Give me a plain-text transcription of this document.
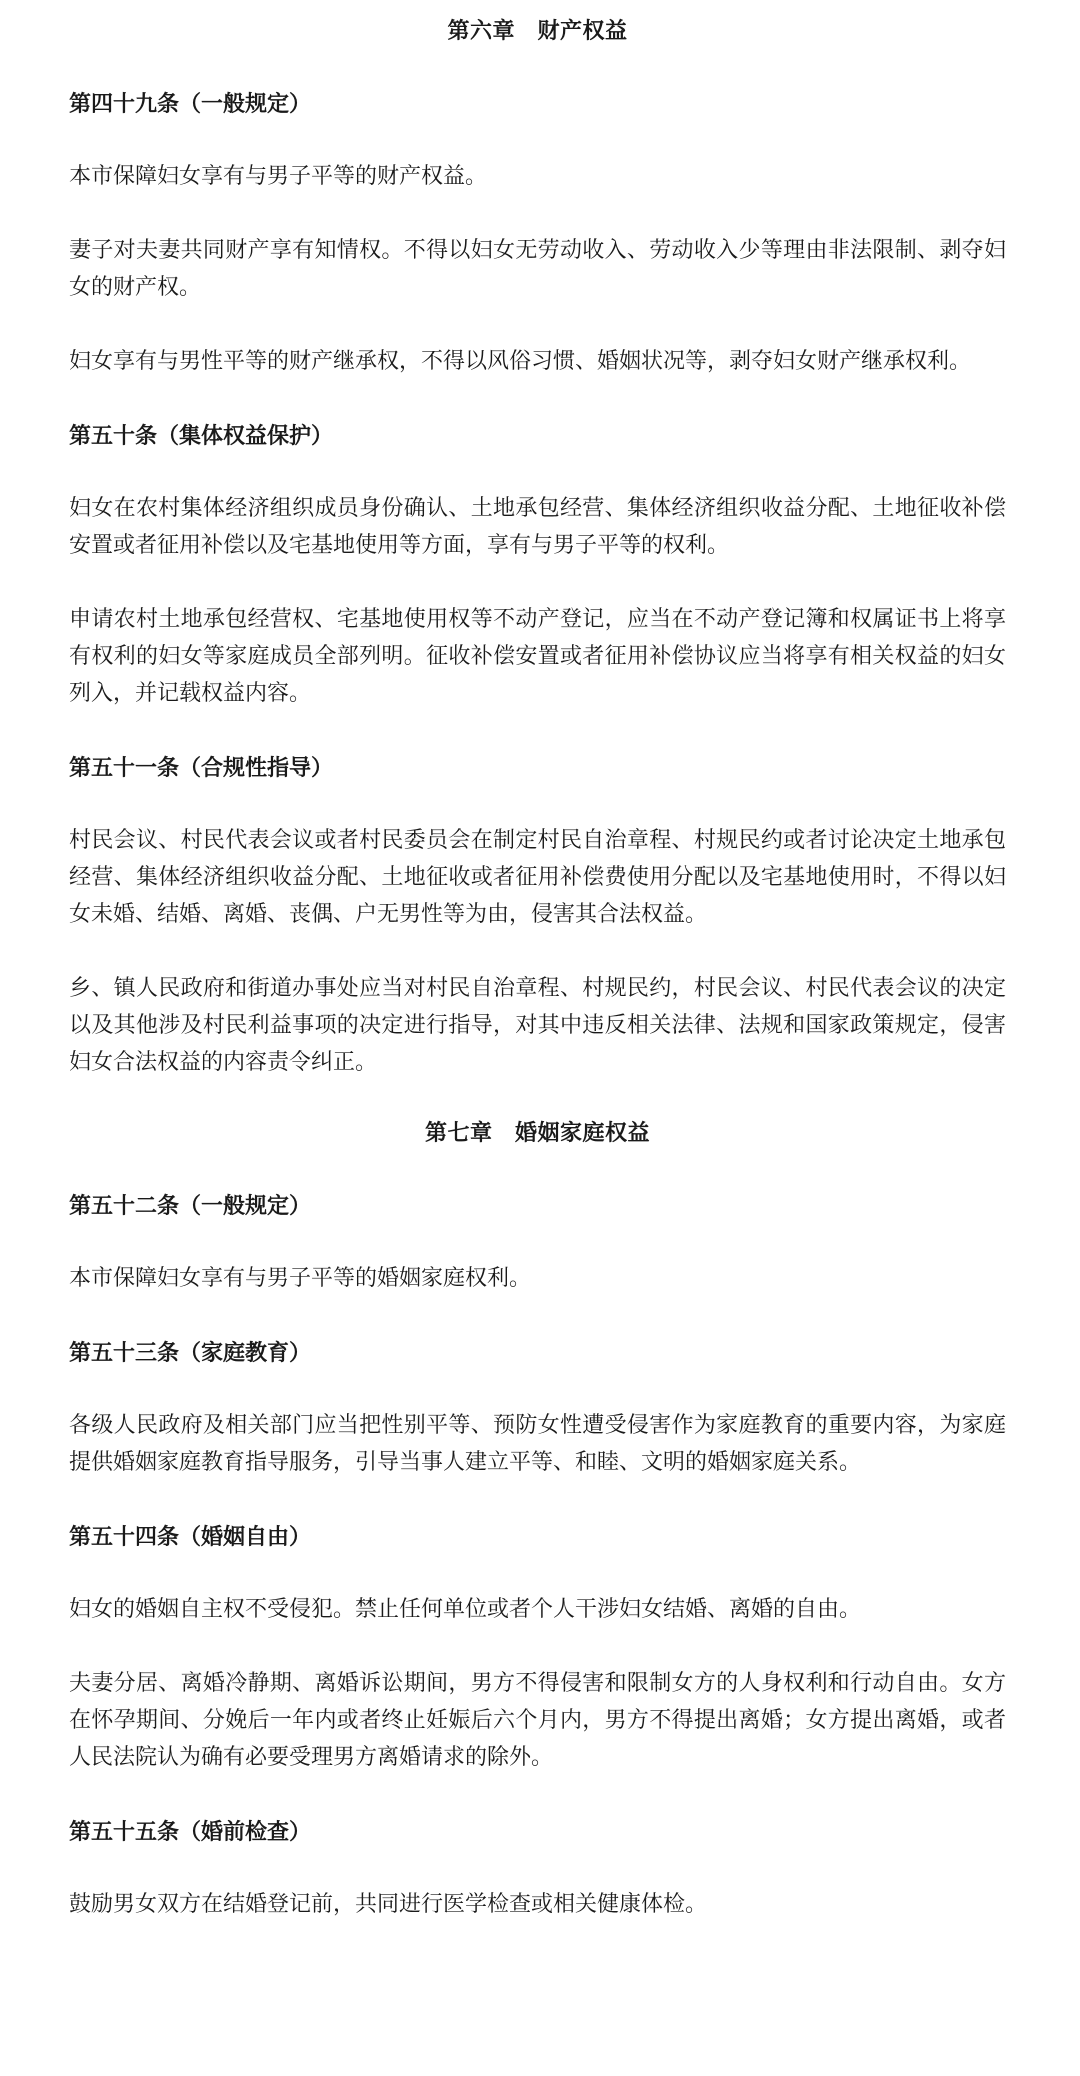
第六章　财产权益
第四十九条（一般规定）

本市保障妇女享有与男子平等的财产权益。

妻子对夫妻共同财产享有知情权。不得以妇女无劳动收入、劳动收入少等理由非法限制、剥夺妇女的财产权。

妇女享有与男性平等的财产继承权，不得以风俗习惯、婚姻状况等，剥夺妇女财产继承权利。

第五十条（集体权益保护）

妇女在农村集体经济组织成员身份确认、土地承包经营、集体经济组织收益分配、土地征收补偿安置或者征用补偿以及宅基地使用等方面，享有与男子平等的权利。

申请农村土地承包经营权、宅基地使用权等不动产登记，应当在不动产登记簿和权属证书上将享有权利的妇女等家庭成员全部列明。征收补偿安置或者征用补偿协议应当将享有相关权益的妇女列入，并记载权益内容。

第五十一条（合规性指导）

村民会议、村民代表会议或者村民委员会在制定村民自治章程、村规民约或者讨论决定土地承包经营、集体经济组织收益分配、土地征收或者征用补偿费使用分配以及宅基地使用时，不得以妇女未婚、结婚、离婚、丧偶、户无男性等为由，侵害其合法权益。

乡、镇人民政府和街道办事处应当对村民自治章程、村规民约，村民会议、村民代表会议的决定以及其他涉及村民利益事项的决定进行指导，对其中违反相关法律、法规和国家政策规定，侵害妇女合法权益的内容责令纠正。

第七章　婚姻家庭权益
第五十二条（一般规定）

本市保障妇女享有与男子平等的婚姻家庭权利。

第五十三条（家庭教育）

各级人民政府及相关部门应当把性别平等、预防女性遭受侵害作为家庭教育的重要内容，为家庭提供婚姻家庭教育指导服务，引导当事人建立平等、和睦、文明的婚姻家庭关系。

第五十四条（婚姻自由）

妇女的婚姻自主权不受侵犯。禁止任何单位或者个人干涉妇女结婚、离婚的自由。

夫妻分居、离婚冷静期、离婚诉讼期间，男方不得侵害和限制女方的人身权利和行动自由。女方在怀孕期间、分娩后一年内或者终止妊娠后六个月内，男方不得提出离婚；女方提出离婚，或者人民法院认为确有必要受理男方离婚请求的除外。

第五十五条（婚前检查）

鼓励男女双方在结婚登记前，共同进行医学检查或相关健康体检。
